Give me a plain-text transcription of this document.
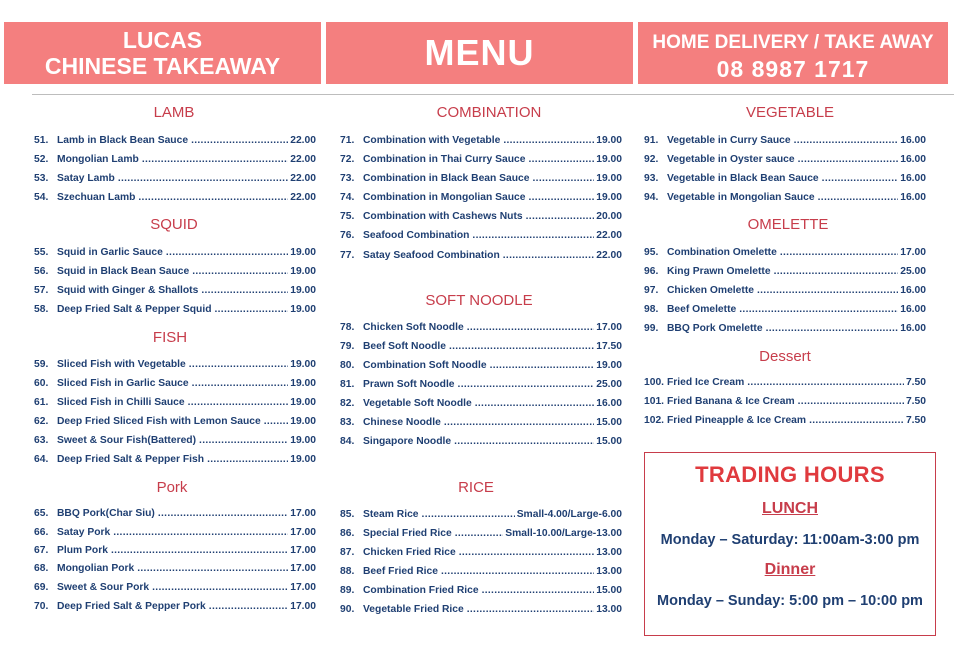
LUCAS
CHINESE TAKEAWAY	MENU	HOME DELIVERY / TAKE AWAY
08 8987 1717
LAMB
SQUID
FISH
Pork
COMBINATION
SOFT NOODLE
RICE
VEGETABLE
OMELETTE
Dessert
51. Lamb in Black Bean Sauce .....	22.00
52. Mongolian Lamb .....	22.00
53. Satay Lamb .....	22.00
54. Szechuan Lamb .....	22.00
55. Squid in Garlic Sauce .....	19.00
56. Squid in Black Bean Sauce .....	19.00
57. Squid with Ginger & Shallots .....	19.00
58. Deep Fried Salt & Pepper Squid .....	19.00
59. Sliced Fish with Vegetable .....	19.00
60. Sliced Fish in Garlic Sauce .....	19.00
61. Sliced Fish in Chilli Sauce .....	19.00
62. Deep Fried Sliced Fish with Lemon Sauce .....	19.00
63. Sweet & Sour Fish(Battered) .....	19.00
64. Deep Fried Salt & Pepper Fish .....	19.00
65. BBQ Pork(Char Siu) .....	17.00
66. Satay Pork .....	17.00
67. Plum Pork .....	17.00
68. Mongolian Pork .....	17.00
69. Sweet & Sour Pork .....	17.00
70. Deep Fried Salt & Pepper Pork .....	17.00
71. Combination with Vegetable .....	19.00
72. Combination in Thai Curry Sauce .....	19.00
73. Combination in Black Bean Sauce .....	19.00
74. Combination in Mongolian Sauce .....	19.00
75. Combination with Cashews Nuts .....	20.00
76. Seafood Combination .....	22.00
77. Satay Seafood Combination .....	22.00
78. Chicken Soft Noodle .....	17.00
79. Beef Soft Noodle .....	17.50
80. Combination Soft Noodle .....	19.00
81. Prawn Soft Noodle .....	25.00
82. Vegetable Soft Noodle .....	16.00
83. Chinese Noodle .....	15.00
84. Singapore Noodle .....	15.00
85. Steam Rice .....	Small-4.00/Large-6.00
86. Special Fried Rice .....	Small-10.00/Large-13.00
87. Chicken Fried Rice .....	13.00
88. Beef Fried Rice .....	13.00
89. Combination Fried Rice .....	15.00
90. Vegetable Fried Rice .....	13.00
91. Vegetable in Curry Sauce .....	16.00
92. Vegetable in Oyster sauce .....	16.00
93. Vegetable in Black Bean Sauce .....	16.00
94. Vegetable in Mongolian Sauce .....	16.00
95. Combination Omelette .....	17.00
96. King Prawn Omelette .....	25.00
97. Chicken Omelette .....	16.00
98. Beef Omelette .....	16.00
99. BBQ Pork Omelette .....	16.00
100. Fried Ice Cream .....	7.50
101. Fried Banana & Ice Cream .....	7.50
102. Fried Pineapple & Ice Cream .....	7.50
TRADING HOURS
LUNCH
Monday – Saturday: 11:00am-3:00 pm
Dinner
Monday – Sunday: 5:00 pm – 10:00 pm
